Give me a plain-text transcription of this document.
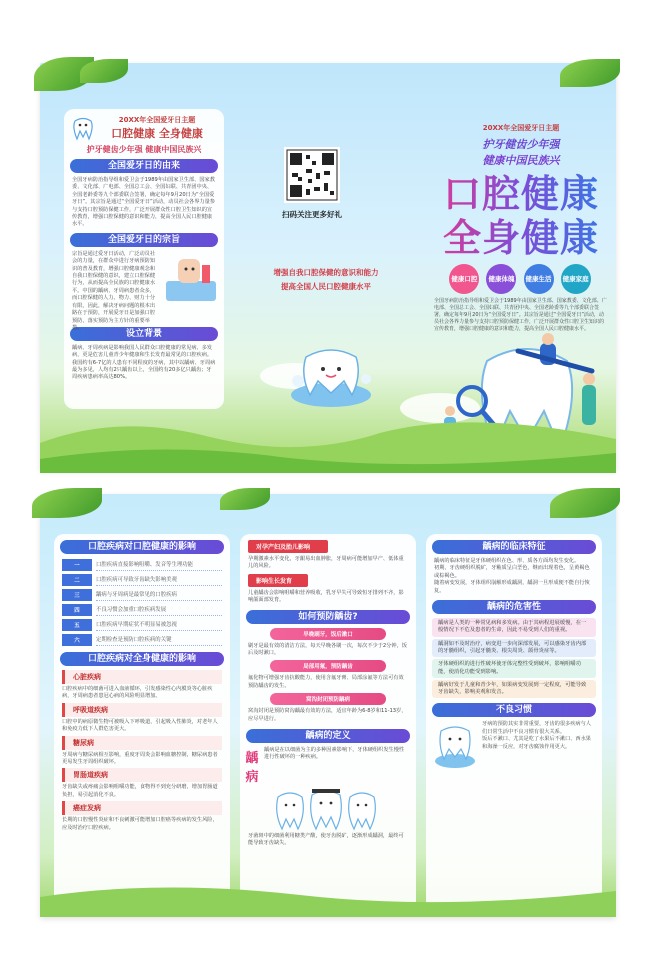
20XX年全国爱牙日主题
口腔健康 全身健康
护牙健齿少年强 健康中国民族兴
全国爱牙日的由来
全国牙病防治指导组和爱卫会于1989年由国家卫生部、国家教委、文化部、广电部、全国总工会、全国妇联、共青团中央、全国老龄委等九个部委联合签署，确定每年9月20日为“全国爱牙日”。其宗旨是通过“全国爱牙日”活动，动员社会各界力量参与支持口腔预防保健工作，广泛开展群众性口腔卫生知识的宣传教育，增强口腔保健的意识和能力，提高全国人民口腔健康水平。
全国爱牙日的宗旨
宗旨是通过爱牙日活动，广泛动员社会的力量，在群众中进行牙病预防知识的普及教育，增强口腔健康观念和自我口腔保健的意识，建立口腔保健行为，从而提高全民族的口腔健康水平。中国的龋病、牙周病患者众多，而口腔保健的人力、物力、财力十分有限，因此，解决牙病问题的根本出路在于预防，开展爱牙日是加强口腔预防，落实预防为主方针的重要举措。
设立背景
龋病、牙周疾病是影响我国人民群众口腔健康的常见病、多发病，更是危害儿童青少年健康和生长发育最常见的口腔疾病。我国约有6-7亿的人患有不同程度的牙病，其中以龋病、牙周病最为多见，人均有2只龋齿以上，全国约有20多亿只龋齿；牙周疾病患病率高达80%。
扫码关注更多好礼
增强自我口腔保健的意识和能力
提高全国人民口腔健康水平
20XX年全国爱牙日主题
护牙健齿少年强
健康中国民族兴
口腔健康
全身健康
健康口腔 健康体魄 健康生活 健康家庭
全国牙病防治指导组和爱卫会于1989年由国家卫生部、国家教委、文化部、广电部、全国总工会、全国妇联、共青团中央、全国老龄委等九个部委联合签署，确定每年9月20日为“全国爱牙日”。其宗旨是通过“全国爱牙日”活动，动员社会各界力量参与支持口腔预防保健工作，广泛开展群众性口腔卫生知识的宣传教育，增强口腔健康的意识和能力，提高全国人民口腔健康水平。
口腔疾病对口腔健康的影响
一	口腔疾病直接影响咀嚼、发音等生理功能
二	口腔疾病可导致牙齿缺失影响美观
三	龋病与牙周病是最常见的口腔疾病
四	不良习惯会加重口腔疾病发展
五	口腔疾病早期症状不明显易被忽视
六	定期检查是预防口腔疾病的关键
口腔疾病对全身健康的影响
心脏疾病
口腔疾病中的细菌可进入血液循环，引发感染性心内膜炎等心脏疾病，牙周病患者患冠心病的风险明显增加。
呼吸道疾病
口腔中的病原微生物可被吸入下呼吸道，引起吸入性肺炎，对老年人和免疫力低下人群危害更大。
糖尿病
牙周病与糖尿病相互影响，重度牙周炎会影响血糖控制，糖尿病患者更易发生牙周组织破坏。
胃肠道疾病
牙齿缺失或疼痛会影响咀嚼功能，食物得不到充分研磨，增加胃肠道负担，易引起消化不良。
癌症发病
长期的口腔慢性炎症和不良刺激可能增加口腔癌等疾病的发生风险，应及时治疗口腔疾病。
对孕产妇及胎儿影响
孕期激素水平变化，牙龈易出血肿胀，牙周病可能增加早产、低体重儿的风险。
影响生长发育
儿童龋齿会影响咀嚼和营养吸收，乳牙早失可导致恒牙排列不齐，影响颌面部发育。
如何预防龋齿?
早晚刷牙，饭后漱口
刷牙是最有效的清洁方法，每天早晚各刷一次，每次不少于2分钟，饭后及时漱口。
局部用氟，预防龋齿
氟化物可增强牙齿抗酸能力，使用含氟牙膏、局部涂氟等方法可有效预防龋齿的发生。
窝沟封闭预防龋病
窝沟封闭是预防窝沟龋最有效的方法，适宜年龄为6-8岁和11-13岁，应尽早进行。
龋病的定义
龋
病
龋病是在以细菌为主的多种因素影响下，牙体硬组织发生慢性进行性破坏的一种疾病。
牙菌斑中的细菌利用糖类产酸，使牙齿脱矿，逐渐形成龋洞，最终可能导致牙齿缺失。
龋病的临床特征
龋病的临床特征是牙体硬组织在色、形、质各方面均发生变化。
初期，牙齿硬组织脱矿，牙釉质呈白垩色，继而出现着色，呈黄褐色或棕褐色。
随着病变发展，牙体组织崩解形成龋洞，龋洞一旦形成便不能自行恢复。
龋病的危害性
龋病是人类的一种常见病和多发病。由于其病程进展缓慢，在一般情况下不危及患者的生命，因此不易受到人们的重视。
龋洞如不及时治疗，病变进一步向深部发展，可以感染牙齿内部的牙髓组织，引起牙髓炎、根尖周炎、颌骨炎症等。
牙体硬组织的进行性破坏使牙体完整性受到破坏，影响咀嚼功能，使消化功能受到影响。
龋病好发于儿童和青少年，如果病变发展到一定程度，可能导致牙齿缺失，影响美观和发音。
不良习惯
牙病的预防其实非常重要，牙齿的很多疾病与人们日常生活中不良习惯有很大关系。
饭后不漱口、尤其是吃了水果后不漱口、西水果和海澡一反应，对牙齿腐蚀作用更大。
